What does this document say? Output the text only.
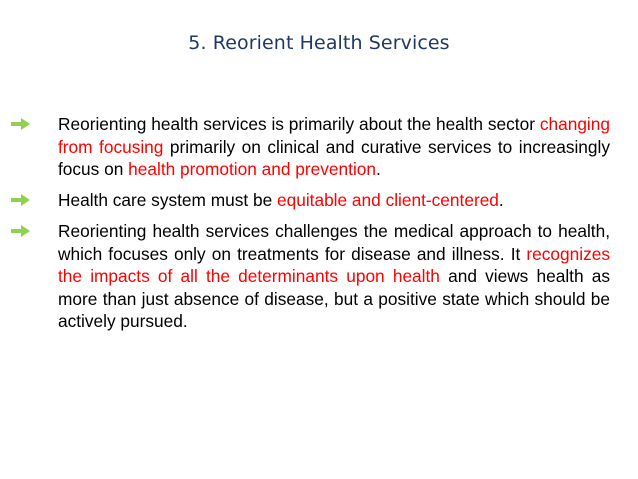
5. Reorient Health Services
Reorienting health services is primarily about the health sector changing from focusing primarily on clinical and curative services to increasingly focus on health promotion and prevention.
Health care system must be equitable and client-centered.
Reorienting health services challenges the medical approach to health, which focuses only on treatments for disease and illness. It recognizes the impacts of all the determinants upon health and views health as more than just absence of disease, but a positive state which should be actively pursued.
